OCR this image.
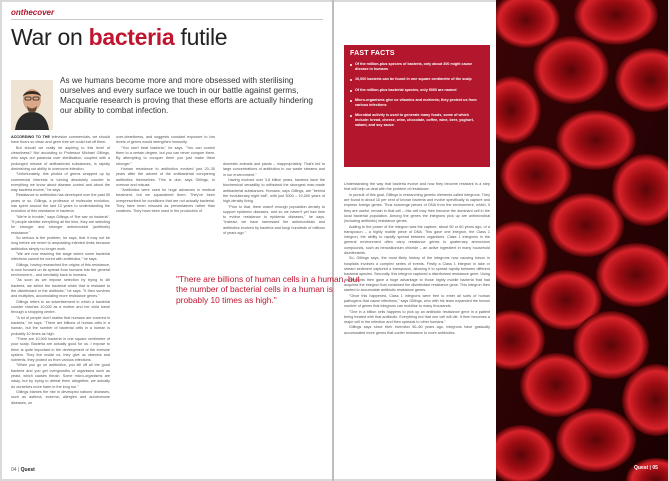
onthecover
War on bacteria futile
As we humans become more and more obsessed with sterilising ourselves and every surface we touch in our battle against germs, Macquarie research is proving that these efforts are actually hindering our ability to combat infection.

ACCORDING TO THE television commercials, we should have floors so clean and germ free we could eat off them.

But should we really be aspiring to this level of cleanliness? Not according to Professor Michael Gillings, who says our paranoia over sterilisation, coupled with a prolonged misuse of antibacterial substances, is rapidly diminishing our ability to overcome infection.

"Unfortunately, this phobia of germs wrapped up by commercial interests is turning absolutely counter to everything we know about disease control and about the way bacteria evolve," he says.

Resistance to antibiotics has developed over the past 50 years or so. Gillings, a professor of molecular evolution, has spent around the last 10 years to understanding the evolution of this resistance in bacteria.

"We're in trouble," says Gillings of "the war on bacteria". "If people sterilise everything all the time, they are selecting for stronger and stronger antimicrobial (antibiotic) resistance."

So serious is the problem, he says, that it may not be long before we revert to amputating infected limbs because antibiotics simply no longer work.

"We are now reaching the stage where some bacterial infections cannot be cured with antibiotics," he says.

Gillings, having researched the origins of this resistance, is now focused on its spread from humans into the general environment – and inevitably back to humans.

"As soon as we impose selection by trying to kill bacteria, we select the bacterial strain that is resistant to the disinfectant or the antibiotic," he says. "It then survives and multiplies, accumulating more resistance genes."

Gillings refers to an advertisement in which a bacterial counter reaches 10,000 as a mother and her child travel through a shopping centre.

"A lot of people don't realise that humans are covered in bacteria," he says. "There are billions of human cells in a human, but the number of bacterial cells in a human is probably 10 times as high.

"There are 10,000 bacteria in one square centimetre of your scalp. Bacteria are actually good for us. I expose to them is quite important in the development of the immune system. They live inside us, they give us vitamins and nutrients, they protect us from various infections.

"When you go on antibiotics, you kill off all the good bacteria and you get overgrowths of organisms such as yeast, which causes thrush. Some micro-organisms are nasty, but by trying to defeat them altogether, we actually do ourselves more harm in the long run."

Gillings blames the rise in developed nations' diseases, such as asthma, eczema, allergies and autoimmune diseases, on

over-cleanliness, and suggests constant exposure to low levels of germs would strengthen immunity.

"You can't beat bacteria," he says. "You can control them to a certain degree, but you can never conquer them. By attempting to conquer them you just make them stronger."

Human resistance to antibiotics evolved just 20–30 years after the advent of the antibacterial conquering antibiotics themselves. This is due, says Gillings, to overuse and misuse.

"Antibiotics were used for huge advances in medical treatment, but we squandered them. They've been overprescribed for conditions that are not actually bacterial. They have been misused as preventatives rather than curatives. They have been used in the production of

domestic animals and plants – inappropriately. That's led to large concentrations of antibiotics in our waste streams and in our environment."

Having evolved over 3.8 billion years, bacteria have the biochemical versatility to withstand the strongest man-made antibacterial substances. Humans, says Gillings, are "behind the evolutionary eight ball", with just 3000 – 10,000 years of high-density living.

"Prior to that, there wasn't enough population density to support epidemic diseases, and so we haven't yet had time to evolve resistance to epidemic diseases," he says. "Instead, we have harnessed the antimicrobials and antibiotics evolved by bacteria and fungi hundreds of millions of years ago."

04 | Quest

Understanding the way that bacteria evolve and how they become resistant is a step that will help us deal with the problem of resistance.

In pursuit of this goal, Gillings is researching genetic elements called integrons. They are found in about 10 per cent of known bacteria and evolve specifically to capture and express foreign genes. Thus scavenge pieces of DNA from the environment, which, if they are useful, remain in that cell – this cell may then become the dominant cell in the local bacterial population. Among the genes the integrons pick up are antimicrobial (including antibiotic) resistance genes.

Adding to the power of the integron was the capture, about 50 or 60 years ago, of a transposon – a highly mobile piece of DNA. This gave one integron, the Class 1 integron, the ability to rapidly spread between organisms. Class 1 integrons in the general environment often carry resistance genes to quaternary ammonium compounds, such as benzalkonium chloride – an active ingredient in many household disinfectants.

So, Gillings says, the most likely history of the integrons now causing havoc in hospitals involves a complex series of events. Firstly a Class 1 integron in lake or stream sediment captured a transposon, allowing it to spread rapidly between different bacterial species. Secondly, this integron captured a disinfectant resistance gene. Using disinfectants then gave a huge advantage to those highly mobile bacteria that had acquired the integron that contained the disinfectant resistance gene. This integron then started to accumulate antibiotic resistance genes.

"Once this happened, Class 1 integrons were free to enter all sorts of human pathogens that cause infections," says Gillings, who with his team expanded the known number of genes that integrons can mobilise to many thousands.

"One in a billion cells happens to pick up an antibiotic resistance gene in a patient being treated with that antibiotic. Everything but that one cell will die. It then becomes a major cell in the infection and then spreads to other humans."

Gillings says since their invention 50–60 years ago, integrons have gradually accumulated more genes that confer resistance to more antibiotics.

"There are billions of human cells in a human, but the number of bacterial cells in a human is probably 10 times as high."
FAST FACTS
Of the million-plus species of bacteria, only about 300 might cause disease in humans
10,000 bacteria can be found in one square centimetre of the scalp
Of the million-plus bacterial species, only 5000 are named
Micro-organisms give us vitamins and nutrients; they protect us from various infections
Microbial activity is used to generate many foods, some of which include: bread, cheese, wine, chocolate, coffee, wine, beer, yoghurt, salami, and soy sauce
Quest | 05
